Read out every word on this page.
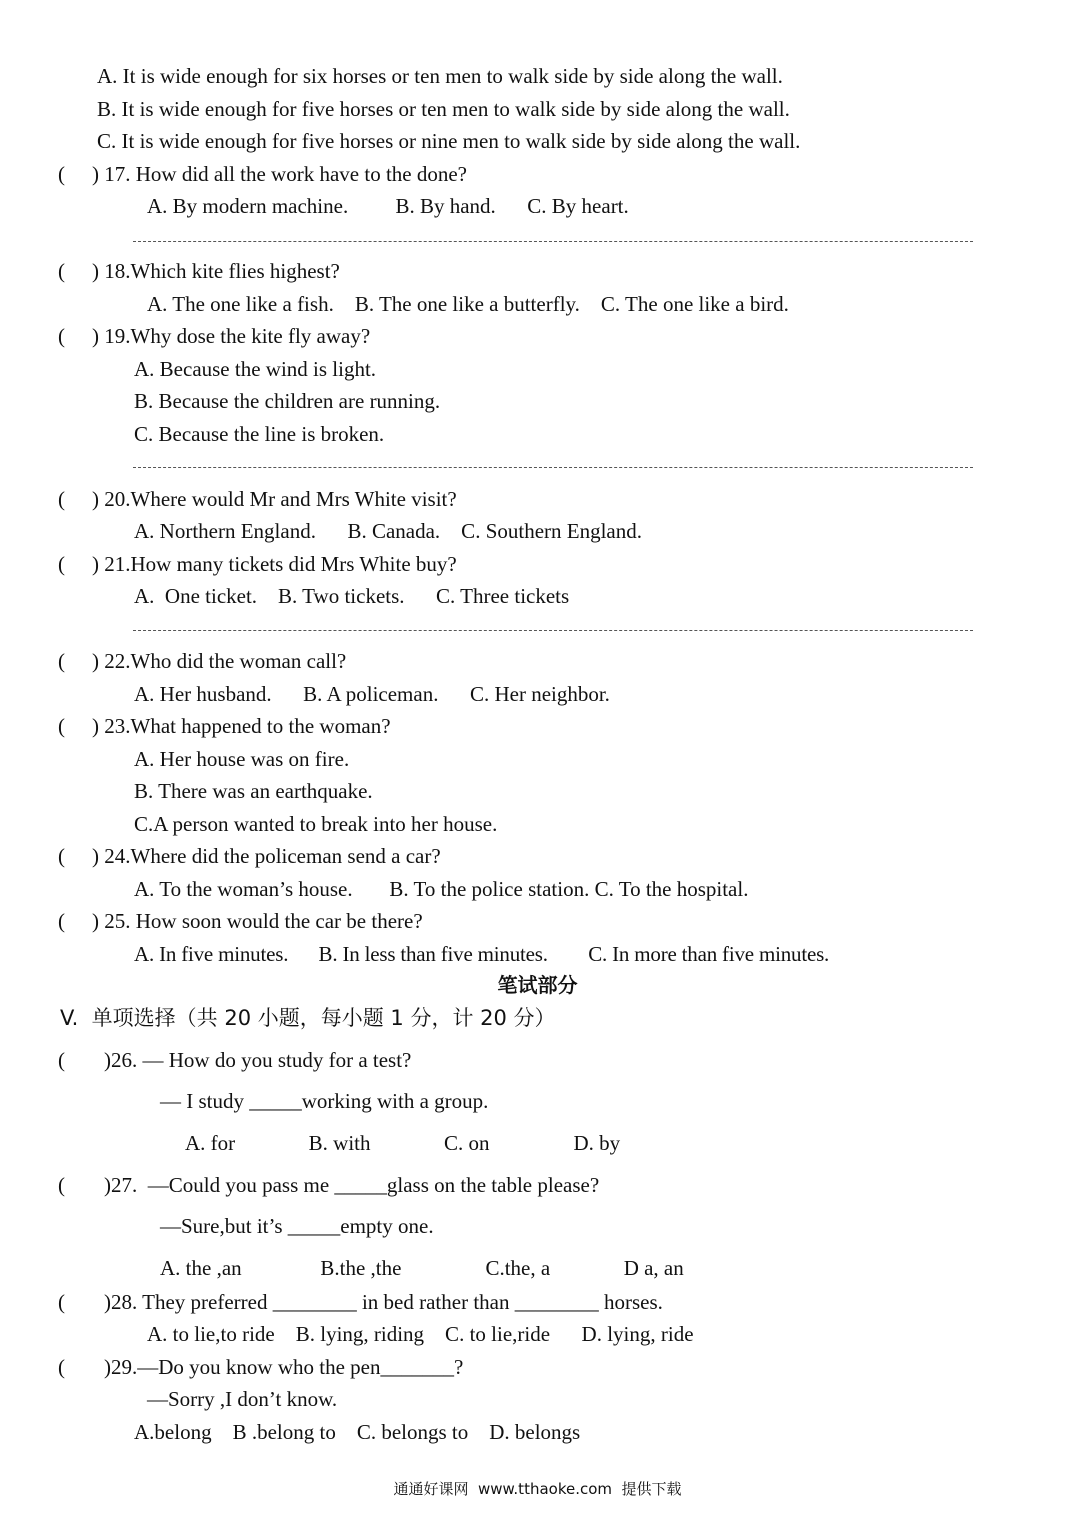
A. It is wide enough for six horses or ten men to walk side by side along the wall.
B. It is wide enough for five horses or ten men to walk side by side along the wall.
C. It is wide enough for five horses or nine men to walk side by side along the wall.
( ) 17. How did all the work have to the done?
A. By modern machine.         B. By hand.      C. By heart.
( ) 18.Which kite flies highest?
A. The one like a fish.    B. The one like a butterfly.    C. The one like a bird.
( ) 19.Why dose the kite fly away?
A. Because the wind is light.
B. Because the children are running.
C. Because the line is broken.
( ) 20.Where would Mr and Mrs White visit?
A. Northern England.      B. Canada.    C. Southern England.
( ) 21.How many tickets did Mrs White buy?
A.  One ticket.    B. Two tickets.      C. Three tickets
( ) 22.Who did the woman call?
A. Her husband.      B. A policeman.      C. Her neighbor.
( ) 23.What happened to the woman?
A. Her house was on fire.
B. There was an earthquake.
C.A person wanted to break into her house.
( ) 24.Where did the policeman send a car?
A. To the woman’s house.       B. To the police station. C. To the hospital.
( ) 25. How soon would the car be there?
A. In five minutes.      B. In less than five minutes.        C. In more than five minutes.
笔试部分
V.  单项选择（共 20 小题，每小题 1 分，计 20 分）
( )26. — How do you study for a test?
— I study _____working with a group.
A. for              B. with              C. on                D. by
( )27.  —Could you pass me _____glass on the table please?
—Sure,but it’s _____empty one.
A. the ,an               B.the ,the                C.the, a              D a, an
( )28. They preferred ________ in bed rather than ________ horses.
A. to lie,to ride    B. lying, riding    C. to lie,ride      D. lying, ride
( )29.—Do you know who the pen_______?
—Sorry ,I don’t know.
A.belong    B .belong to    C. belongs to    D. belongs
通通好课网  www.tthaoke.com  提供下载
